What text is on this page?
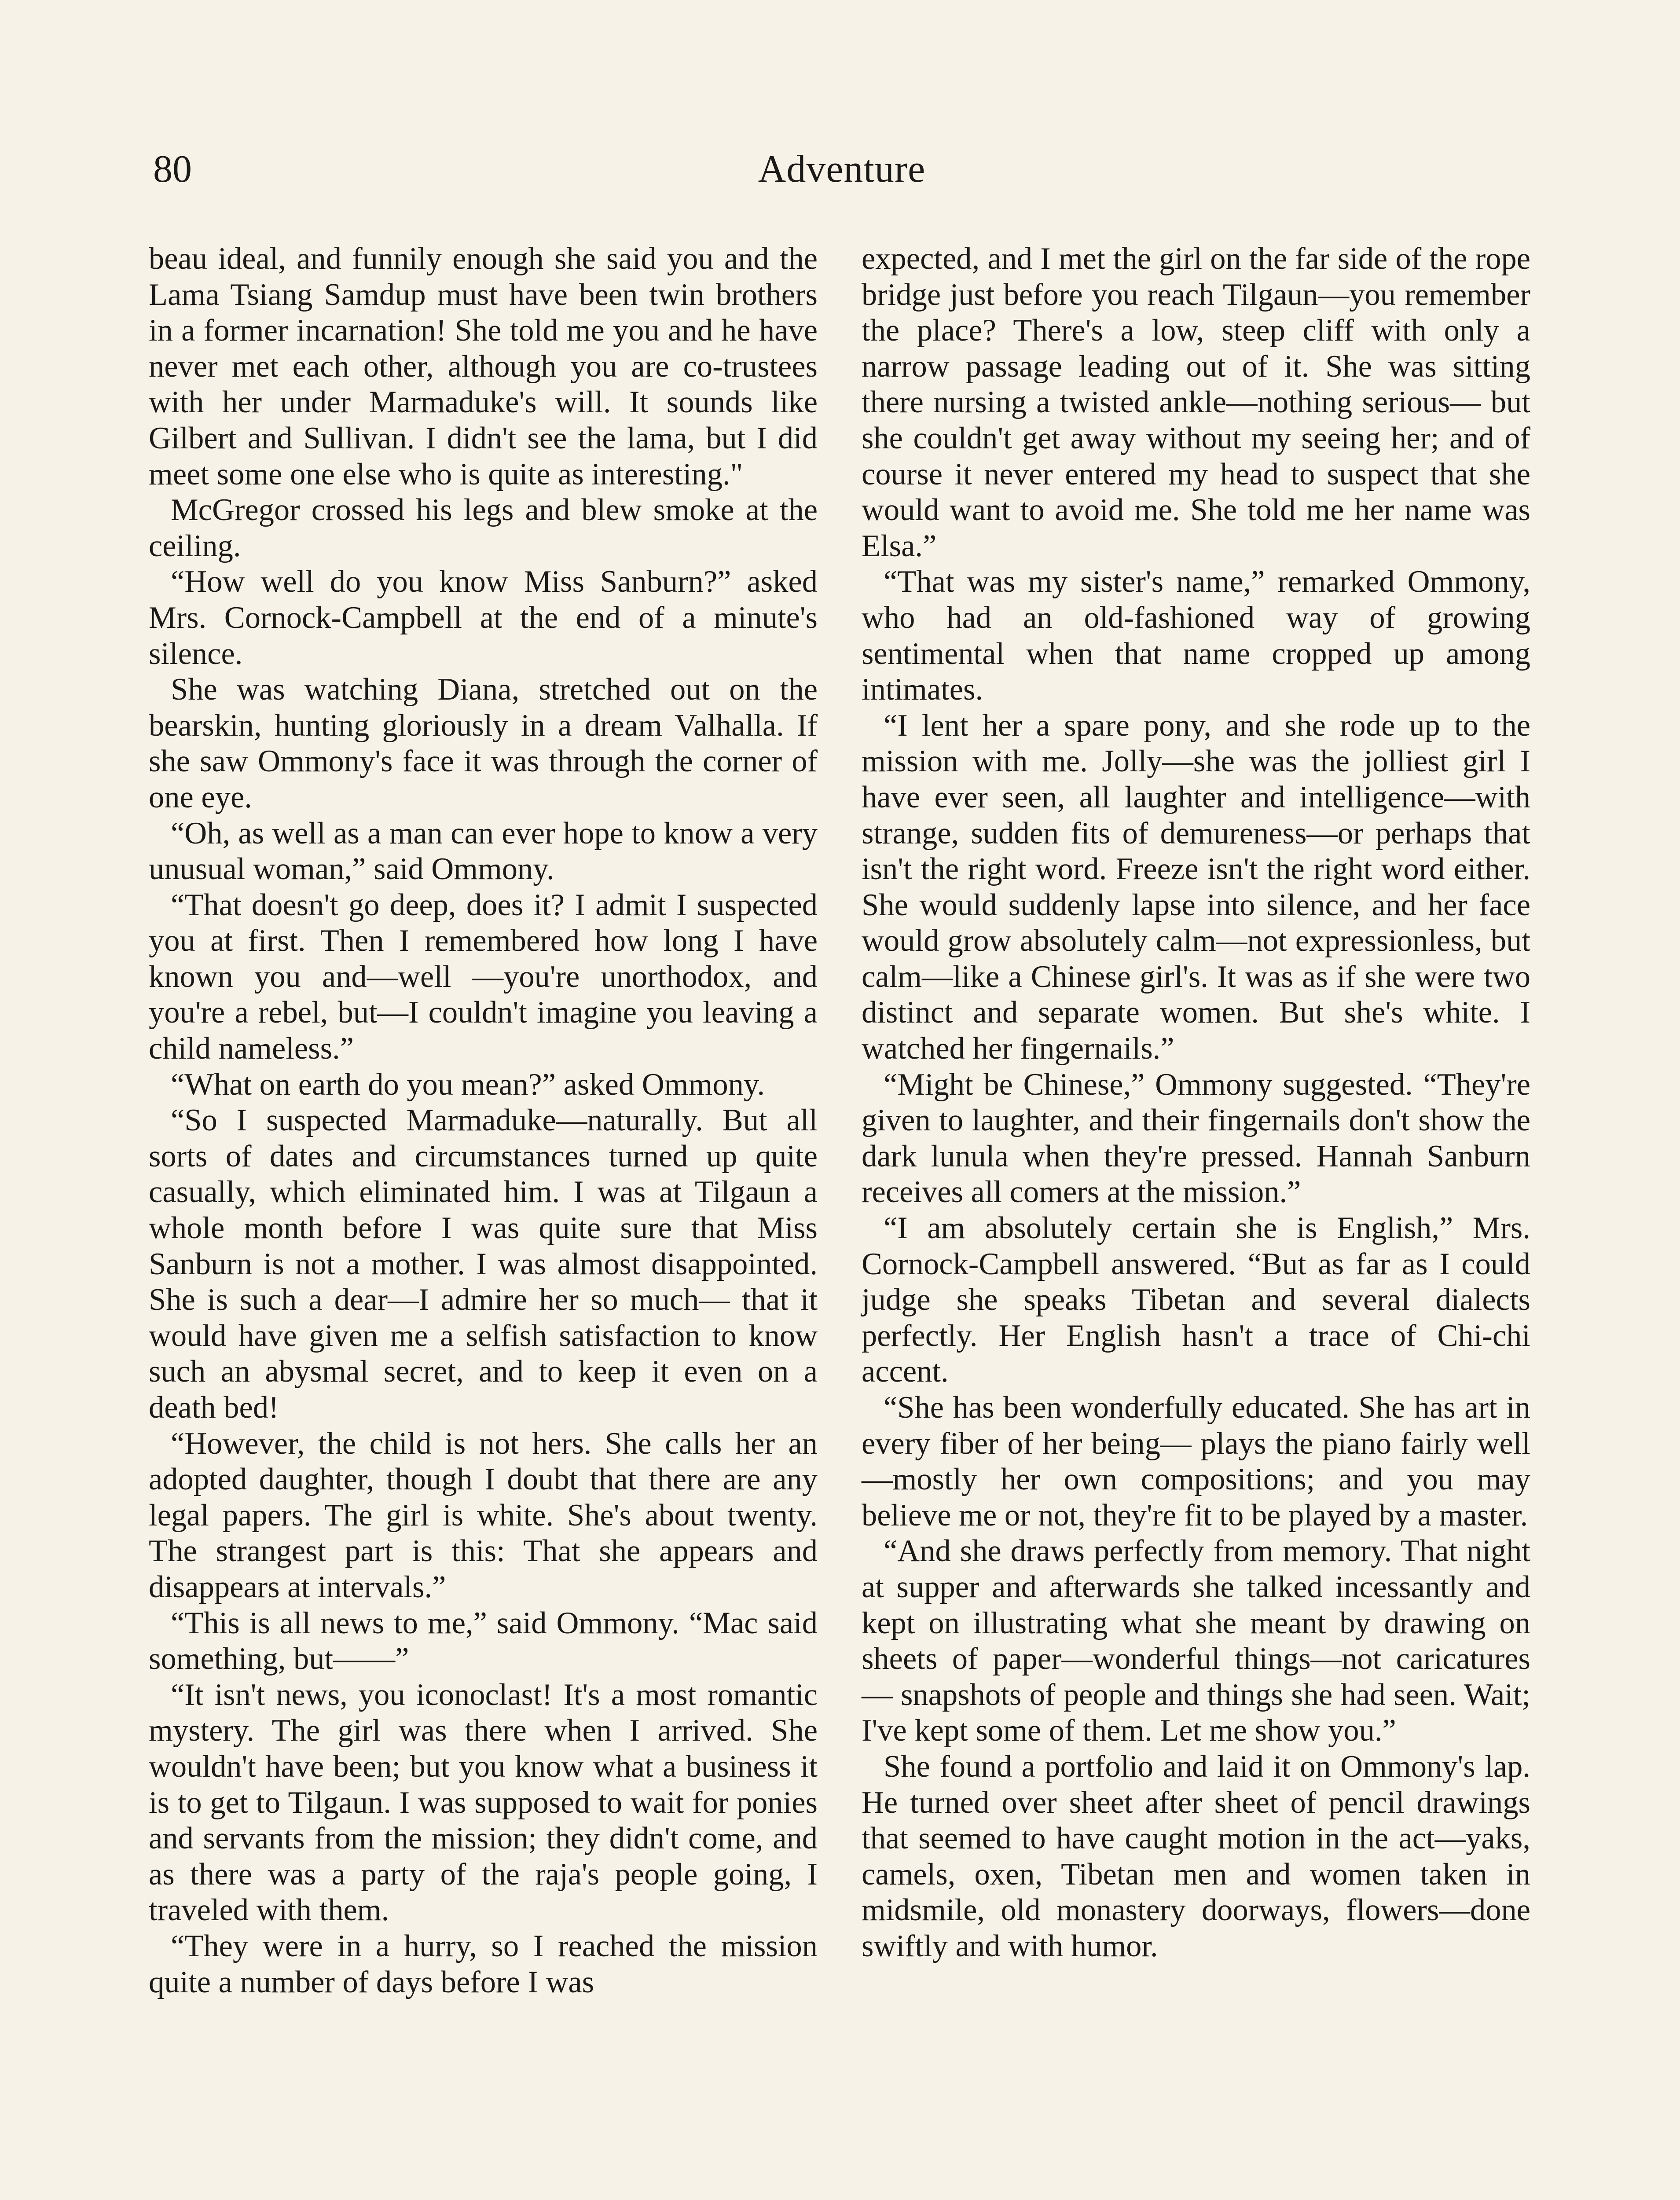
80	Adventure

beau ideal, and funnily enough she said you and the Lama Tsiang Samdup must have been twin brothers in a former incarnation! She told me you and he have never met each other, although you are co-trustees with her under Marmaduke's will. It sounds like Gilbert and Sullivan. I didn't see the lama, but I did meet some one else who is quite as interesting."

McGregor crossed his legs and blew smoke at the ceiling.

“How well do you know Miss Sanburn?” asked Mrs. Cornock-Campbell at the end of a minute's silence.

She was watching Diana, stretched out on the bearskin, hunting gloriously in a dream Valhalla. If she saw Ommony's face it was through the corner of one eye.

“Oh, as well as a man can ever hope to know a very unusual woman,” said Ommony.

“That doesn't go deep, does it? I admit I suspected you at first. Then I remembered how long I have known you and—well —you're unorthodox, and you're a rebel, but—I couldn't imagine you leaving a child nameless.”

“What on earth do you mean?” asked Ommony.

“So I suspected Marmaduke—naturally. But all sorts of dates and circumstances turned up quite casually, which eliminated him. I was at Tilgaun a whole month before I was quite sure that Miss Sanburn is not a mother. I was almost disappointed. She is such a dear—I admire her so much— that it would have given me a selfish satisfaction to know such an abysmal secret, and to keep it even on a death bed!

“However, the child is not hers. She calls her an adopted daughter, though I doubt that there are any legal papers. The girl is white. She's about twenty. The strangest part is this: That she appears and disappears at intervals.”

“This is all news to me,” said Ommony. “Mac said something, but——”

“It isn't news, you iconoclast! It's a most romantic mystery. The girl was there when I arrived. She wouldn't have been; but you know what a business it is to get to Tilgaun. I was supposed to wait for ponies and servants from the mission; they didn't come, and as there was a party of the raja's people going, I traveled with them.

“They were in a hurry, so I reached the mission quite a number of days before I was

expected, and I met the girl on the far side of the rope bridge just before you reach Tilgaun—you remember the place? There's a low, steep cliff with only a narrow passage leading out of it. She was sitting there nursing a twisted ankle—nothing serious— but she couldn't get away without my seeing her; and of course it never entered my head to suspect that she would want to avoid me. She told me her name was Elsa.”

“That was my sister's name,” remarked Ommony, who had an old-fashioned way of growing sentimental when that name cropped up among intimates.

“I lent her a spare pony, and she rode up to the mission with me. Jolly—she was the jolliest girl I have ever seen, all laughter and intelligence—with strange, sudden fits of demureness—or perhaps that isn't the right word. Freeze isn't the right word either. She would suddenly lapse into silence, and her face would grow absolutely calm—not expressionless, but calm—like a Chinese girl's. It was as if she were two distinct and separate women. But she's white. I watched her fingernails.”

“Might be Chinese,” Ommony suggested. “They're given to laughter, and their fingernails don't show the dark lunula when they're pressed. Hannah Sanburn receives all comers at the mission.”

“I am absolutely certain she is English,” Mrs. Cornock-Campbell answered. “But as far as I could judge she speaks Tibetan and several dialects perfectly. Her English hasn't a trace of Chi-chi accent.

“She has been wonderfully educated. She has art in every fiber of her being— plays the piano fairly well—mostly her own compositions; and you may believe me or not, they're fit to be played by a master.

“And she draws perfectly from memory. That night at supper and afterwards she talked incessantly and kept on illustrating what she meant by drawing on sheets of paper—wonderful things—not caricatures— snapshots of people and things she had seen. Wait; I've kept some of them. Let me show you.”

She found a portfolio and laid it on Ommony's lap. He turned over sheet after sheet of pencil drawings that seemed to have caught motion in the act—yaks, camels, oxen, Tibetan men and women taken in midsmile, old monastery doorways, flowers—done swiftly and with humor.
